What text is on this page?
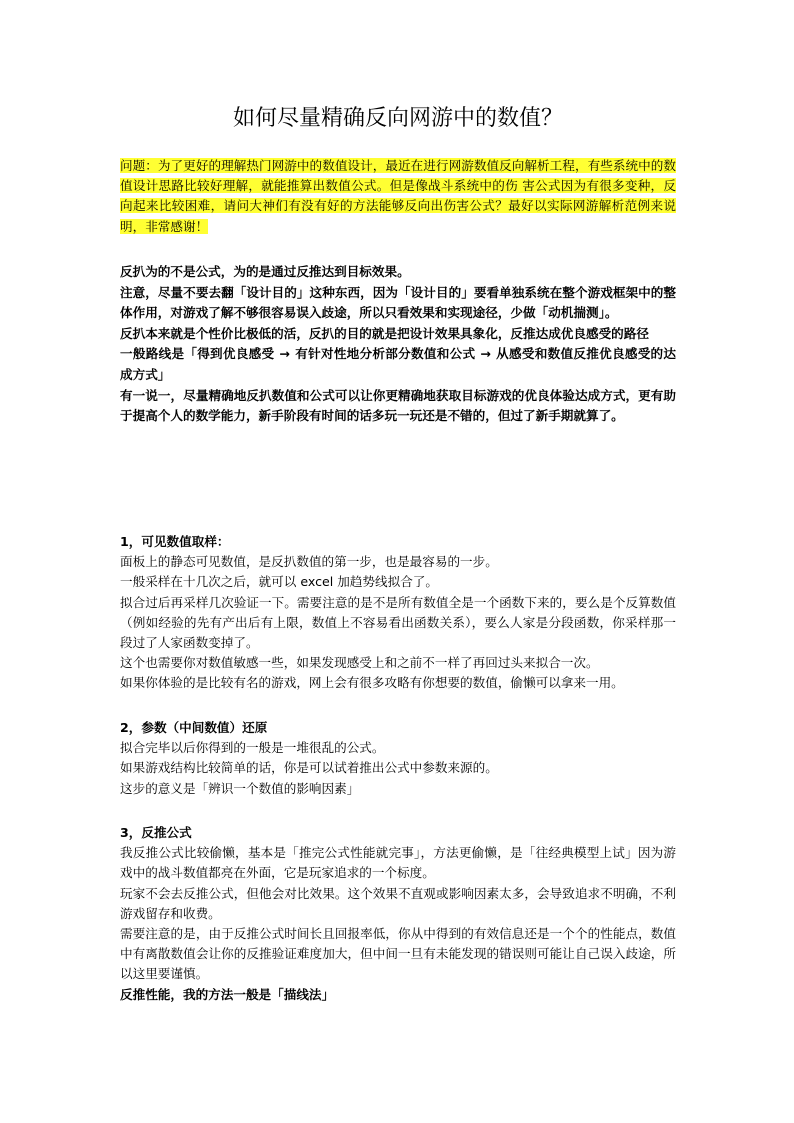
如何尽量精确反向网游中的数值？
问题：为了更好的理解热门网游中的数值设计，最近在进行网游数值反向解析工程，有些系统中的数值设计思路比较好理解，就能推算出数值公式。但是像战斗系统中的伤 害公式因为有很多变种，反向起来比较困难，请问大神们有没有好的方法能够反向出伤害公式？最好以实际网游解析范例来说明，非常感谢！

反扒为的不是公式，为的是通过反推达到目标效果。

注意，尽量不要去翻「设计目的」这种东西，因为「设计目的」要看单独系统在整个游戏框架中的整体作用，对游戏了解不够很容易误入歧途，所以只看效果和实现途径，少做「动机揣测」。

反扒本来就是个性价比极低的活，反扒的目的就是把设计效果具象化，反推达成优良感受的路径

一般路线是「得到优良感受 → 有针对性地分析部分数值和公式 → 从感受和数值反推优良感受的达成方式」

有一说一，尽量精确地反扒数值和公式可以让你更精确地获取目标游戏的优良体验达成方式，更有助于提高个人的数学能力，新手阶段有时间的话多玩一玩还是不错的，但过了新手期就算了。

1，可见数值取样：

面板上的静态可见数值，是反扒数值的第一步，也是最容易的一步。

一般采样在十几次之后，就可以 excel 加趋势线拟合了。

拟合过后再采样几次验证一下。需要注意的是不是所有数值全是一个函数下来的，要么是个反算数值（例如经验的先有产出后有上限，数值上不容易看出函数关系），要么人家是分段函数，你采样那一段过了人家函数变掉了。

这个也需要你对数值敏感一些，如果发现感受上和之前不一样了再回过头来拟合一次。

如果你体验的是比较有名的游戏，网上会有很多攻略有你想要的数值，偷懒可以拿来一用。

2，参数（中间数值）还原

拟合完毕以后你得到的一般是一堆很乱的公式。

如果游戏结构比较简单的话，你是可以试着推出公式中参数来源的。

这步的意义是「辨识一个数值的影响因素」

3，反推公式

我反推公式比较偷懒，基本是「推完公式性能就完事」，方法更偷懒，是「往经典模型上试」因为游戏中的战斗数值都亮在外面，它是玩家追求的一个标度。

玩家不会去反推公式，但他会对比效果。这个效果不直观或影响因素太多，会导致追求不明确，不利游戏留存和收费。

需要注意的是，由于反推公式时间长且回报率低，你从中得到的有效信息还是一个个的性能点，数值中有离散数值会让你的反推验证难度加大，但中间一旦有未能发现的错误则可能让自己误入歧途，所以这里要谨慎。

反推性能，我的方法一般是「描线法」
